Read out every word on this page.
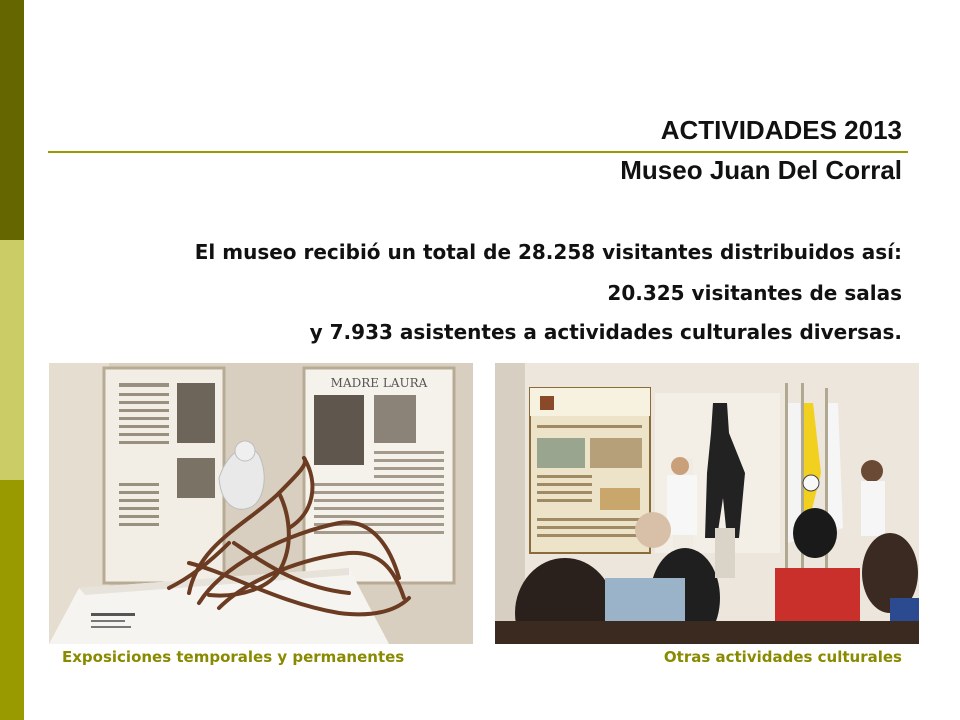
ACTIVIDADES 2013
Museo Juan Del Corral
El museo recibió un total de 28.258 visitantes distribuidos así:
20.325 visitantes de salas
y 7.933 asistentes a actividades culturales diversas.
MADRE LAURA
Exposiciones temporales y permanentes	Otras actividades culturales
